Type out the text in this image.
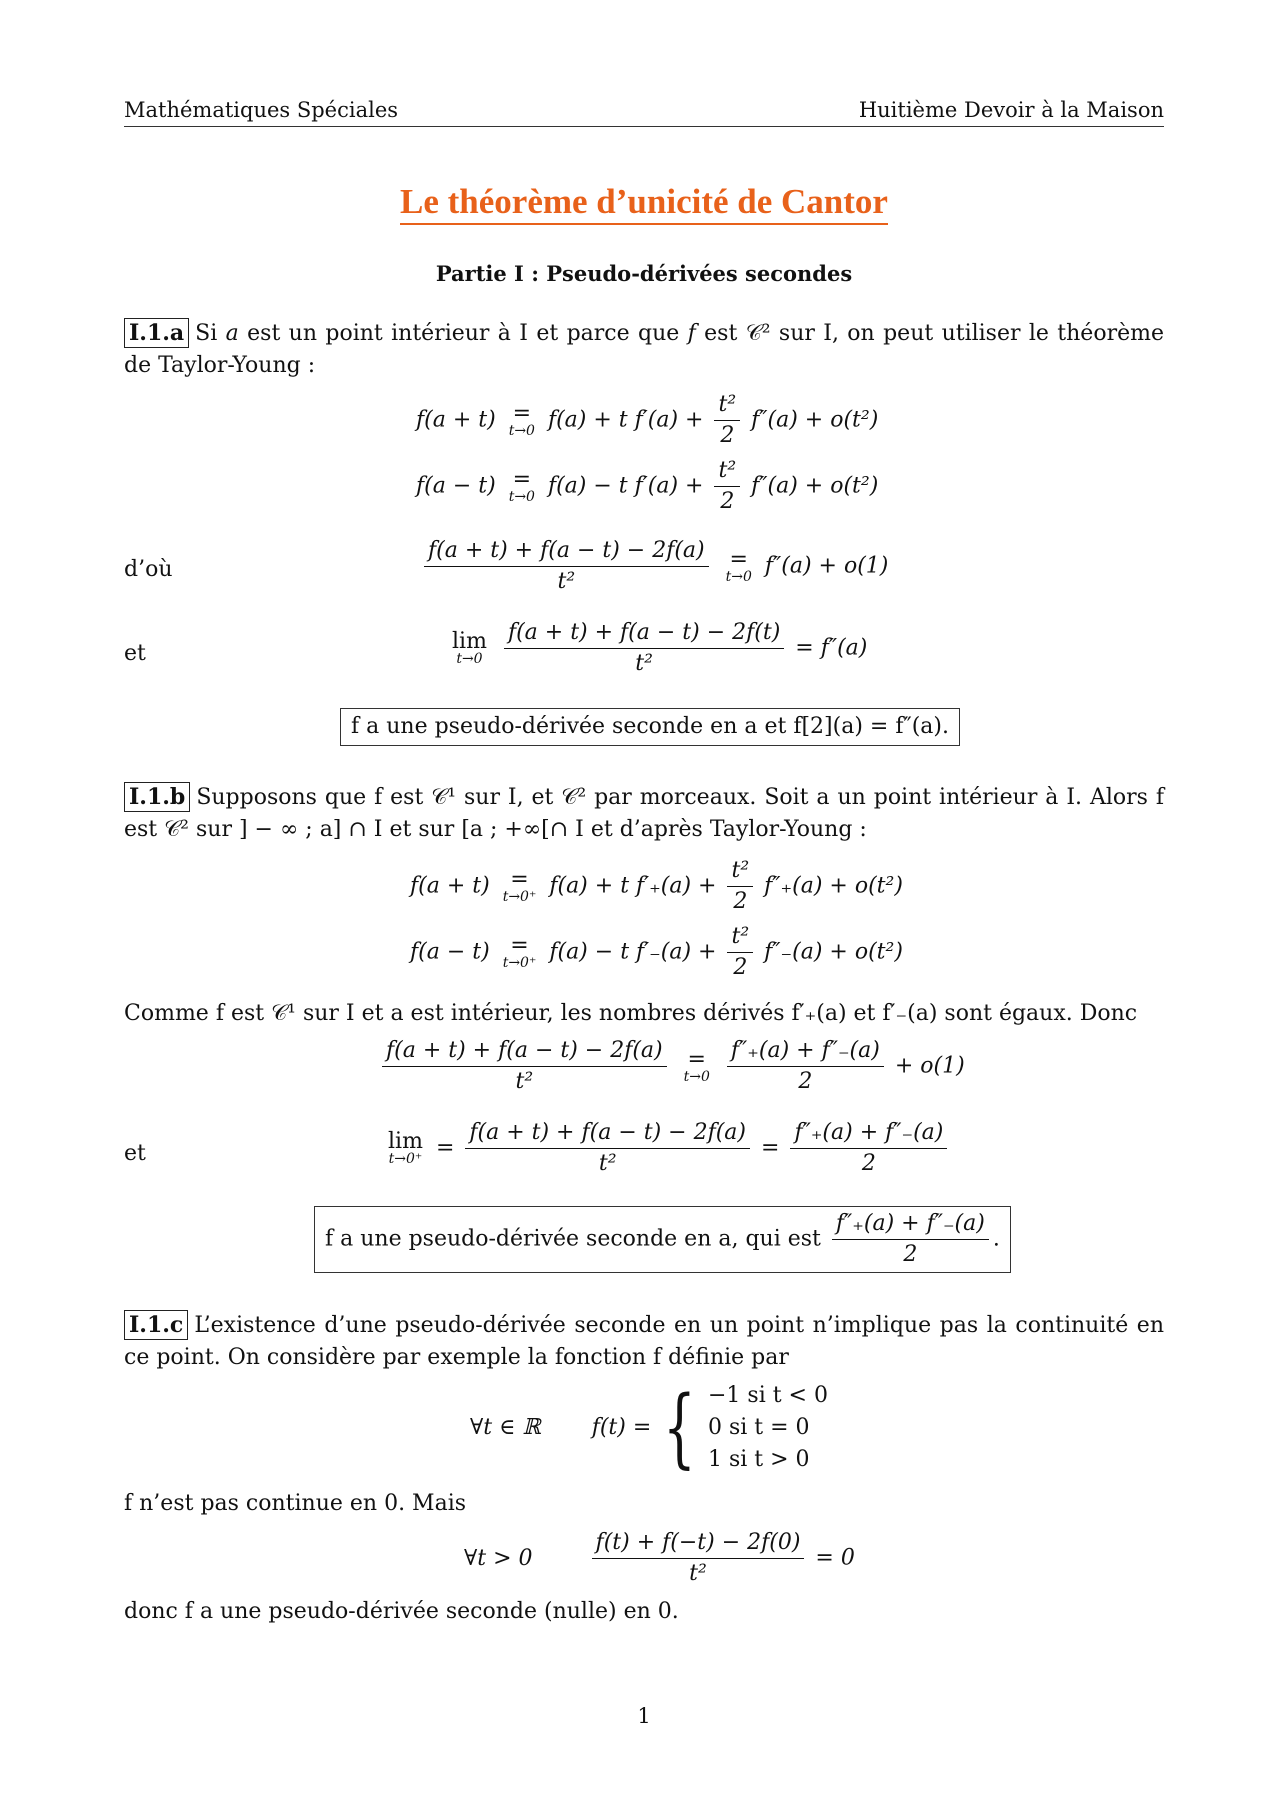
Mathématiques Spéciales	Huitième Devoir à la Maison
Le théorème d’unicité de Cantor
Partie I : Pseudo-dérivées secondes
I.1.a Si a est un point intérieur à I et parce que f est 𝒞² sur I, on peut utiliser le théorème de Taylor-Young :
f(a + t) =
t→0 f(a) + t $f'(a) + \frac{\text{t²}}{2} f''(a) + o(t^2)$
f(a − t) =
t→0 f(a) − t $f'(a) + \frac{\text{t²}}{2} f''(a) + o(t^2)$
d’où	$\frac{f(a + t) + f(a - t) - 2f(a)}{\text{t²}}$ =
t→0 f″(a) + o(1)
et	lim
t→0
$\frac{f(a + t) + f(a - t) - 2f(t)}{\text{t²}} = f''(a)$
f a une pseudo-dérivée seconde en a et f[2](a) = f″(a).
I.1.b Supposons que f est 𝒞¹ sur I, et 𝒞² par morceaux. Soit a un point intérieur à I. Alors f est 𝒞² sur ] − ∞ ; a] ∩ I et sur [a ; +∞[∩ I et d’après Taylor-Young :
f(a + t) =
t→0⁺ f(a) + t $f'_+(a) + \frac{\text{t²}}{2} f''_+(a) + o(t^2)$
f(a − t) =
t→0⁺ f(a) − t $f'_-(a) + \frac{\text{t²}}{2} f''_-(a) + o(t^2)$
Comme f est 𝒞¹ sur I et a est intérieur, les nombres dérivés f′₊(a) et f′₋(a) sont égaux. Donc
$\frac{f(a + t) + f(a - t) - 2f(a)}{\text{t²}}$ =
t→0
$\frac{f''_+(a) + f''_-(a)}{2} + o(1)$
et	lim
$t\to 0^+ = \frac{f(a + t) + f(a - t) - 2f(a)}{\text{t²}} = \frac{f''_+(a) + f''_-(a)}{2}$
f a une pseudo-dérivée seconde en a, qui est $\frac{f''_+(a) + f''_-(a)}{2}$ .
I.1.c L’existence d’une pseudo-dérivée seconde en un point n’implique pas la continuité en ce point. On considère par exemple la fonction f définie par
∀t ∈ ℝ f(t) = { −1 si t < 0
0 si t = 0
1 si t > 0
f n’est pas continue en 0. Mais
∀t > 0	$\frac{f(t) + f(-t) - 2f(0)}{\text{t²}} = 0$
donc f a une pseudo-dérivée seconde (nulle) en 0.
1
